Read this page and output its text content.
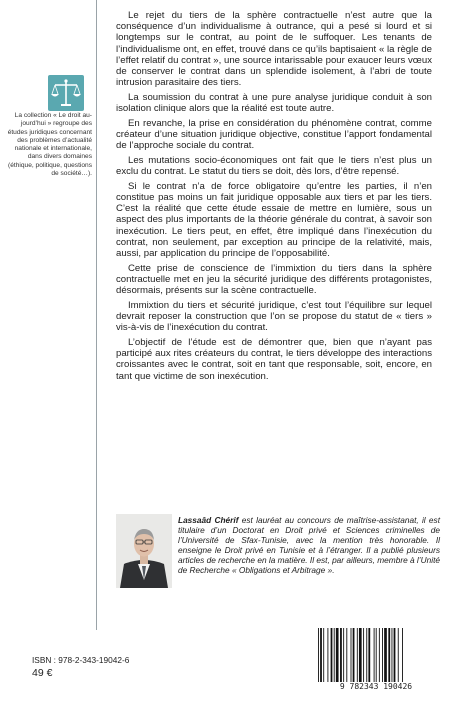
La collection « Le droit au-jourd’hui » regroupe des études juridiques concernant des problèmes d’actualité nationale et internationale, dans divers domaines (éthique, politique, questions de société…).

Le rejet du tiers de la sphère contractuelle n’est autre que la conséquence d’un individualisme à outrance, qui a pesé si lourd et si longtemps sur le contrat, au point de le suffoquer. Les tenants de l’individualisme ont, en effet, trouvé dans ce qu’ils baptisaient « la règle de l’effet relatif du contrat », une source intarissable pour exaucer leurs vœux de conserver le contrat dans un splendide isolement, à l’abri de toute intrusion parasitaire des tiers.

La soumission du contrat à une pure analyse juridique conduit à son isolation clinique alors que la réalité est toute autre.

En revanche, la prise en considération du phénomène contrat, comme créateur d’une situation juridique objective, constitue l’apport fondamental de l’approche sociale du contrat.

Les mutations socio-économiques ont fait que le tiers n’est plus un exclu du contrat. Le statut du tiers se doit, dès lors, d’être repensé.

Si le contrat n’a de force obligatoire qu’entre les parties, il n’en constitue pas moins un fait juridique opposable aux tiers et par les tiers. C’est la réalité que cette étude essaie de mettre en lumière, sous un aspect des plus importants de la théorie générale du contrat, à savoir son inexécution. Le tiers peut, en effet, être impliqué dans l’inexécution du contrat, non seulement, par exception au principe de la relativité, mais, aussi, par application du principe de l’opposabilité.

Cette prise de conscience de l’immixtion du tiers dans la sphère contractuelle met en jeu la sécurité juridique des différents protagonistes, désormais, présents sur la scène contractuelle.

Immixtion du tiers et sécurité juridique, c’est tout l’équilibre sur lequel devrait reposer la construction que l’on se propose du statut de « tiers » vis-à-vis de l’inexécution du contrat.

L’objectif de l’étude est de démontrer que, bien que n’ayant pas participé aux rites créateurs du contrat, le tiers développe des interactions croissantes avec le contrat, soit en tant que responsable, soit, encore, en tant que victime de son inexécution.

Lassaâd Chérif est lauréat au concours de maîtrise-assistanat, il est titulaire d’un Doctorat en Droit privé et Sciences criminelles de l’Université de Sfax-Tunisie, avec la mention très honorable. Il enseigne le Droit privé en Tunisie et à l’étranger. Il a publié plusieurs articles de recherche en la matière. Il est, par ailleurs, membre à l’Unité de Recherche « Obligations et Arbitrage ».
ISBN : 978-2-343-19042-6
49 €
9 782343 190426
